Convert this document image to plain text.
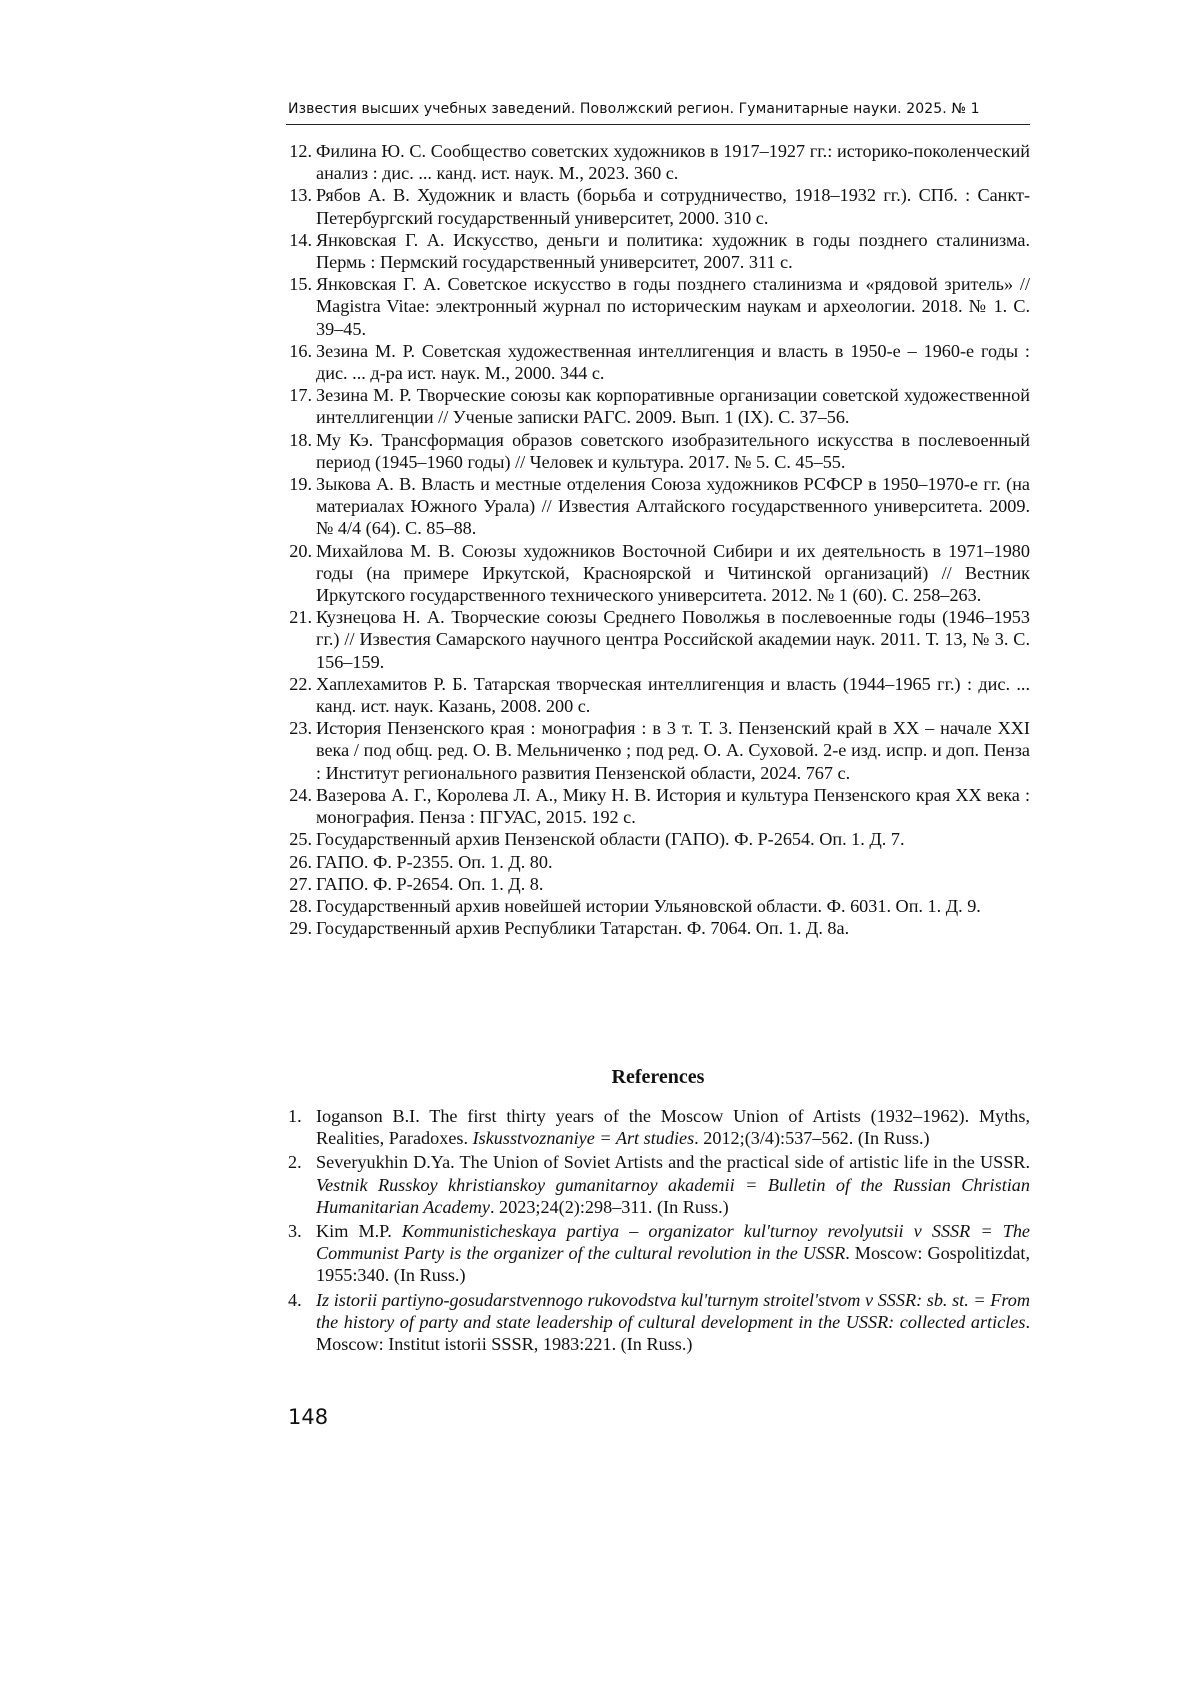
Известия высших учебных заведений. Поволжский регион. Гуманитарные науки. 2025. № 1
12. Филина Ю. С. Сообщество советских художников в 1917–1927 гг.: историко-поколенческий анализ : дис. ... канд. ист. наук. М., 2023. 360 с.
13. Рябов А. В. Художник и власть (борьба и сотрудничество, 1918–1932 гг.). СПб. : Санкт-Петербургский государственный университет, 2000. 310 с.
14. Янковская Г. А. Искусство, деньги и политика: художник в годы позднего сталинизма. Пермь : Пермский государственный университет, 2007. 311 с.
15. Янковская Г. А. Советское искусство в годы позднего сталинизма и «рядовой зритель» // Magistra Vitae: электронный журнал по историческим наукам и археологии. 2018. № 1. С. 39–45.
16. Зезина М. Р. Советская художественная интеллигенция и власть в 1950-е – 1960-е годы : дис. ... д-ра ист. наук. М., 2000. 344 с.
17. Зезина М. Р. Творческие союзы как корпоративные организации советской художественной интеллигенции // Ученые записки РАГС. 2009. Вып. 1 (IX). С. 37–56.
18. Му Кэ. Трансформация образов советского изобразительного искусства в послевоенный период (1945–1960 годы) // Человек и культура. 2017. № 5. С. 45–55.
19. Зыкова А. В. Власть и местные отделения Союза художников РСФСР в 1950–1970-е гг. (на материалах Южного Урала) // Известия Алтайского государственного университета. 2009. № 4/4 (64). С. 85–88.
20. Михайлова М. В. Союзы художников Восточной Сибири и их деятельность в 1971–1980 годы (на примере Иркутской, Красноярской и Читинской организаций) // Вестник Иркутского государственного технического университета. 2012. № 1 (60). С. 258–263.
21. Кузнецова Н. А. Творческие союзы Среднего Поволжья в послевоенные годы (1946–1953 гг.) // Известия Самарского научного центра Российской академии наук. 2011. Т. 13, № 3. С. 156–159.
22. Хаплехамитов Р. Б. Татарская творческая интеллигенция и власть (1944–1965 гг.) : дис. ... канд. ист. наук. Казань, 2008. 200 с.
23. История Пензенского края : монография : в 3 т. Т. 3. Пензенский край в XX – начале XXI века / под общ. ред. О. В. Мельниченко ; под ред. О. А. Суховой. 2-е изд. испр. и доп. Пенза : Институт регионального развития Пензенской области, 2024. 767 с.
24. Вазерова А. Г., Королева Л. А., Мику Н. В. История и культура Пензенского края XX века : монография. Пенза : ПГУАС, 2015. 192 с.
25. Государственный архив Пензенской области (ГАПО). Ф. Р-2654. Оп. 1. Д. 7.
26. ГАПО. Ф. Р-2355. Оп. 1. Д. 80.
27. ГАПО. Ф. Р-2654. Оп. 1. Д. 8.
28. Государственный архив новейшей истории Ульяновской области. Ф. 6031. Оп. 1. Д. 9.
29. Государственный архив Республики Татарстан. Ф. 7064. Оп. 1. Д. 8а.
References
1. Ioganson B.I. The first thirty years of the Moscow Union of Artists (1932–1962). Myths, Realities, Paradoxes. Iskusstvoznaniye = Art studies. 2012;(3/4):537–562. (In Russ.)
2. Severyukhin D.Ya. The Union of Soviet Artists and the practical side of artistic life in the USSR. Vestnik Russkoy khristianskoy gumanitarnoy akademii = Bulletin of the Russian Christian Humanitarian Academy. 2023;24(2):298–311. (In Russ.)
3. Kim M.P. Kommunisticheskaya partiya – organizator kul'turnoy revolyutsii v SSSR = The Communist Party is the organizer of the cultural revolution in the USSR. Moscow: Gospolitizdat, 1955:340. (In Russ.)
4. Iz istorii partiyno-gosudarstvennogo rukovodstva kul'turnym stroitel'stvom v SSSR: sb. st. = From the history of party and state leadership of cultural development in the USSR: collected articles. Moscow: Institut istorii SSSR, 1983:221. (In Russ.)
148
